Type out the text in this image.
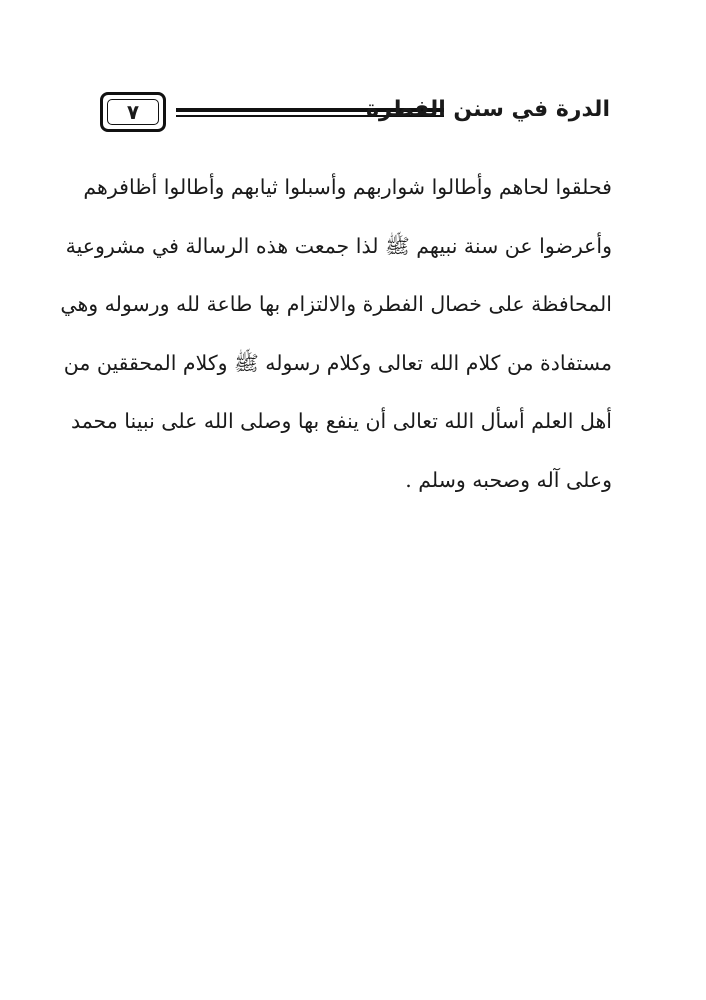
٧	الدرة في سنن الفطرة
فحلقوا لحاهم وأطالوا شواربهم وأسبلوا ثيابهم وأطالوا أظافرهم
وأعرضوا عن سنة نبيهم ﷺ لذا جمعت هذه الرسالة في مشروعية
المحافظة على خصال الفطرة والالتزام بها طاعة لله ورسوله وهي
مستفادة من كلام الله تعالى وكلام رسوله ﷺ وكلام المحققين من
أهل العلم أسأل الله تعالى أن ينفع بها وصلى الله على نبينا محمد
وعلى آله وصحبه وسلم .
